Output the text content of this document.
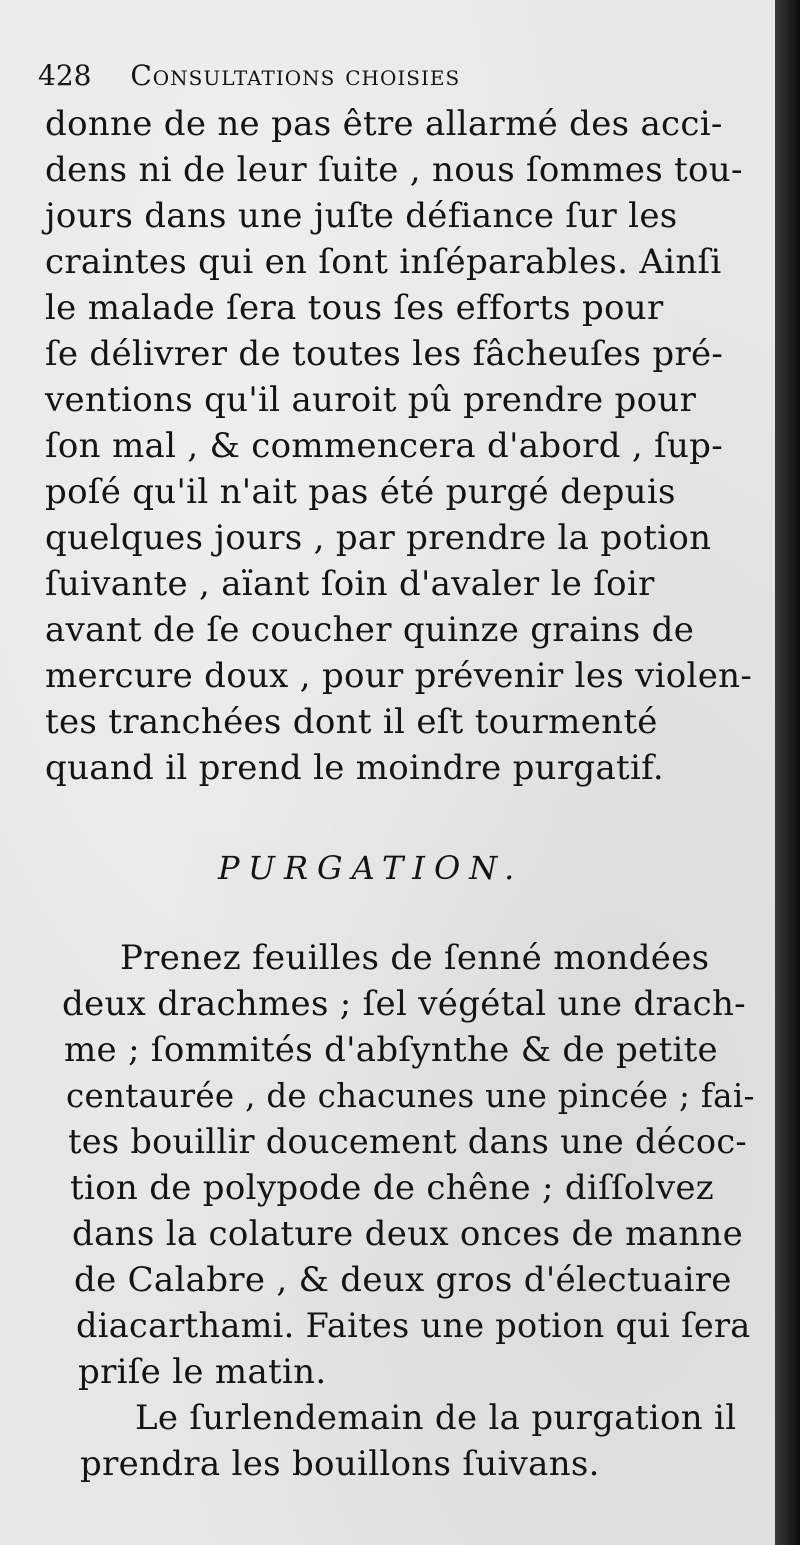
428 Consultations choisies
donne de ne pas être allarmé des acci-
dens ni de leur ſuite , nous ſommes tou-
jours dans une juſte défiance ſur les
craintes qui en ſont inſéparables. Ainſi
le malade ſera tous ſes efforts pour
ſe délivrer de toutes les fâcheuſes pré-
ventions qu'il auroit pû prendre pour
ſon mal , & commencera d'abord , ſup-
poſé qu'il n'ait pas été purgé depuis
quelques jours , par prendre la potion
ſuivante , aïant ſoin d'avaler le ſoir
avant de ſe coucher quinze grains de
mercure doux , pour prévenir les violen-
tes tranchées dont il eſt tourmenté
quand il prend le moindre purgatif.
PURGATION.
Prenez feuilles de ſenné mondées
deux drachmes ; ſel végétal une drach-
me ; ſommités d'abſynthe & de petite
centaurée , de chacunes une pincée ; fai-
tes bouillir doucement dans une décoc-
tion de polypode de chêne ; diſſolvez
dans la colature deux onces de manne
de Calabre , & deux gros d'électuaire
diacarthami. Faites une potion qui ſera
priſe le matin.
Le ſurlendemain de la purgation il
prendra les bouillons ſuivans.
